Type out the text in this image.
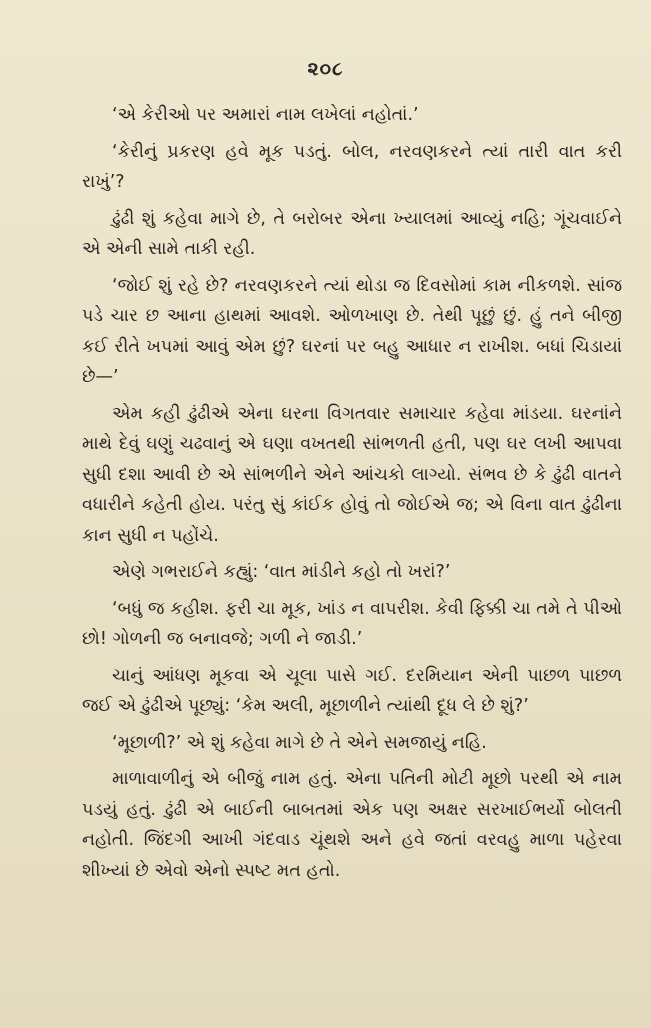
૨૦૮

‘એ કેરીઓ પર અમારાં નામ લખેલાં નહોતાં.’

‘કેરીનું પ્રકરણ હવે મૂક પડતું. બોલ, નરવણકરને ત્યાં તારી વાત કરી રાખું’?

ઢુંઢી શું કહેવા માગે છે, તે બરોબર એના ખ્યાલમાં આવ્યું નહિ; ગૂંચવાઈને એ એની સામે તાકી રહી.

‘જોઈ શું રહે છે? નરવણકરને ત્યાં થોડા જ દિવસોમાં કામ નીકળશે. સાંજ પડે ચાર છ આના હાથમાં આવશે. ઓળખાણ છે. તેથી પૂછું છું. હું તને બીજી કઈ રીતે ખપમાં આવું એમ છું? ઘરનાં પર બહુ આધાર ન રાખીશ. બધાં ચિડાયાં છે—’

એમ કહી ઢુંઢીએ એના ઘરના વિગતવાર સમાચાર કહેવા માંડયા. ઘરનાંને માથે દેવું ઘણું ચઢવાનું એ ઘણા વખતથી સાંભળતી હતી, પણ ઘર લખી આપવા સુધી દશા આવી છે એ સાંભળીને એને આંચકો લાગ્યો. સંભવ છે કે ઢુંઢી વાતને વધારીને કહેતી હોય. પરંતુ સું કાંઈક હોવું તો જોઈએ જ; એ વિના વાત ઢુંઢીના કાન સુધી ન પહોંચે.

એણે ગભરાઈને કહ્યું: ‘વાત માંડીને કહો તો ખરાં?’

‘બધું જ કહીશ. ફરી ચા મૂક, ખાંડ ન વાપરીશ. કેવી ફિક્કી ચા તમે તે પીઓ છો! ગોળની જ બનાવજે; ગળી ને જાડી.’

ચાનું આંધણ મૂકવા એ ચૂલા પાસે ગઈ. દરમિયાન એની પાછળ પાછળ જઈ એ ઢુંઢીએ પૂછ્યું: ‘કેમ અલી, મૂછાળીને ત્યાંથી દૂધ લે છે શું?’

‘મૂછાળી?’ એ શું કહેવા માગે છે તે એને સમજાયું નહિ.

માળાવાળીનું એ બીજું નામ હતું. એના પતિની મોટી મૂછો પરથી એ નામ પડયું હતું. ઢુંઢી એ બાઈની બાબતમાં એક પણ અક્ષર સરખાઈભર્યો બોલતી નહોતી. જિંદગી આખી ગંદવાડ ચૂંથશે અને હવે જતાં વરવહુ માળા પહેરવા શીખ્યાં છે એવો એનો સ્પષ્ટ મત હતો.
